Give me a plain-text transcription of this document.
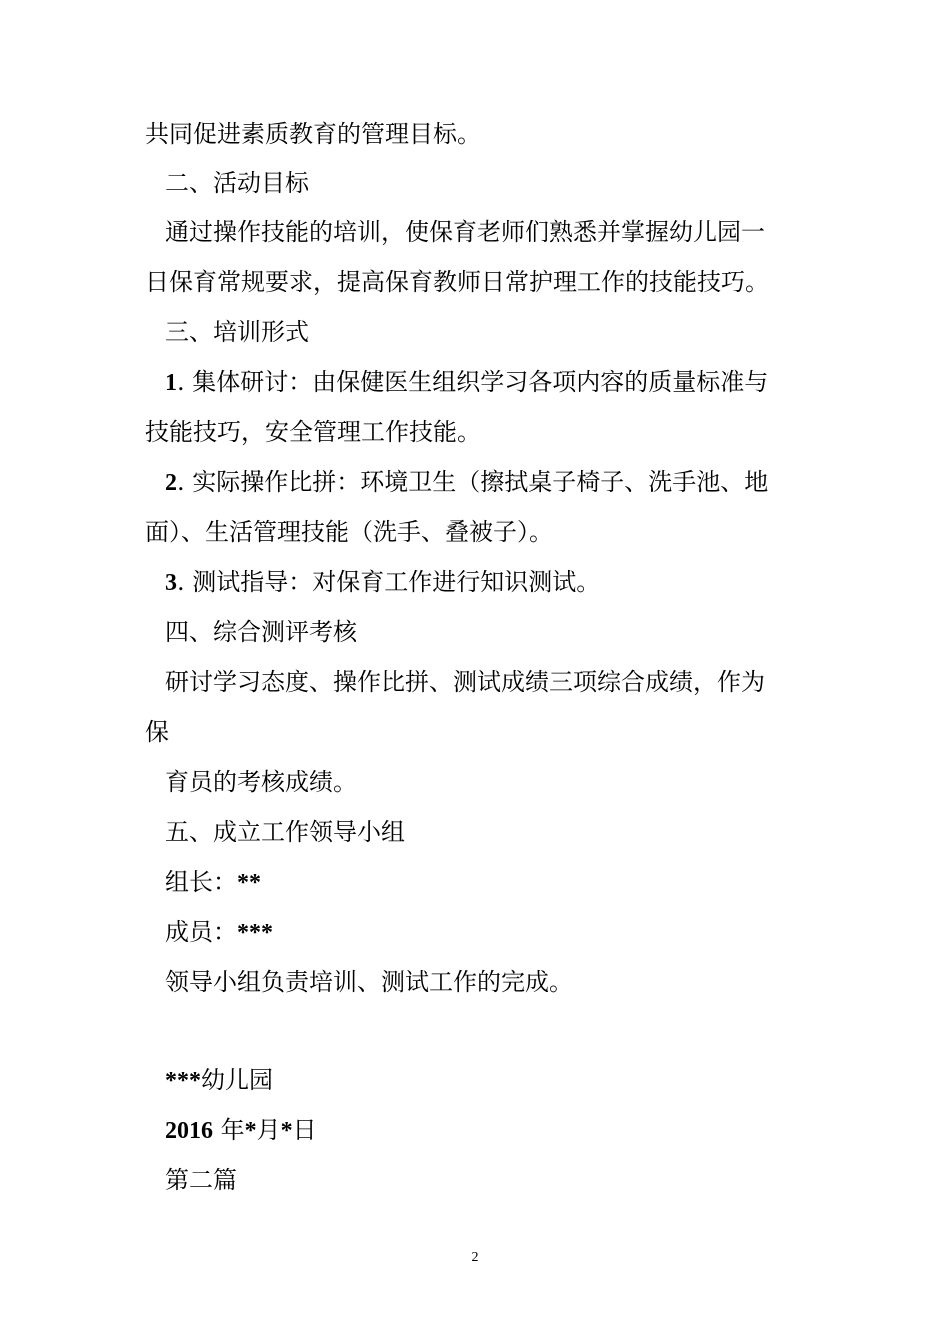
共同促进素质教育的管理目标。
二、活动目标
通过操作技能的培训，使保育老师们熟悉并掌握幼儿园一
日保育常规要求，提高保育教师日常护理工作的技能技巧。
三、培训形式
1. 集体研讨：由保健医生组织学习各项内容的质量标准与
技能技巧，安全管理工作技能。
2. 实际操作比拼：环境卫生（擦拭桌子椅子、洗手池、地
面）、生活管理技能（洗手、叠被子）。
3. 测试指导：对保育工作进行知识测试。
四、综合测评考核
研讨学习态度、操作比拼、测试成绩三项综合成绩，作为
保
育员的考核成绩。
五、成立工作领导小组
组长：**
成员：***
领导小组负责培训、测试工作的完成。
***幼儿园
2016 年*月*日
第二篇
2
